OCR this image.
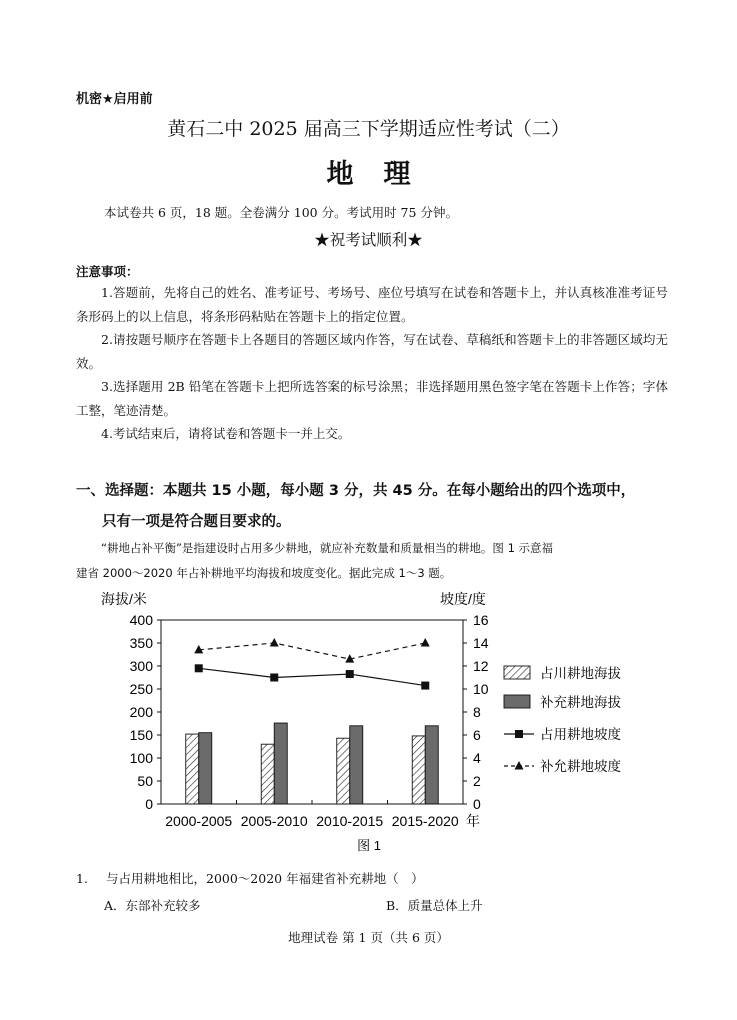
机密★启用前
黄石二中 2025 届高三下学期适应性考试（二）
地理
本试卷共 6 页，18 题。全卷满分 100 分。考试用时 75 分钟。
★祝考试顺利★
注意事项：

1.答题前，先将自己的姓名、准考证号、考场号、座位号填写在试卷和答题卡上，并认真核准准考证号条形码上的以上信息，将条形码粘贴在答题卡上的指定位置。

2.请按题号顺序在答题卡上各题目的答题区域内作答，写在试卷、草稿纸和答题卡上的非答题区域均无效。

3.选择题用 2B 铅笔在答题卡上把所选答案的标号涂黑；非选择题用黑色签字笔在答题卡上作答；字体工整，笔迹清楚。

4.考试结束后，请将试卷和答题卡一并上交。

一、选择题：本题共 15 小题，每小题 3 分，共 45 分。在每小题给出的四个选项中，
只有一项是符合题目要求的。

“耕地占补平衡”是指建设时占用多少耕地，就应补充数量和质量相当的耕地。图 1 示意福

建省 2000～2020 年占补耕地平均海拔和坡度变化。据此完成 1～3 题。

海拔/米	坡度/度
0
50
100
150
200
250
300
350
400
0
2
4
6
8
10
12
14
16
2000-2005 2005-2010 2010-2015 2015-2020 年
占川耕地海拔
补充耕地海拔
占用耕地坡度
补允耕地坡度
图 1
1. 与占用耕地相比，2000～2020 年福建省补充耕地（　）
A．东部补充较多	B．质量总体上升
地理试卷 第 1 页（共 6 页）
